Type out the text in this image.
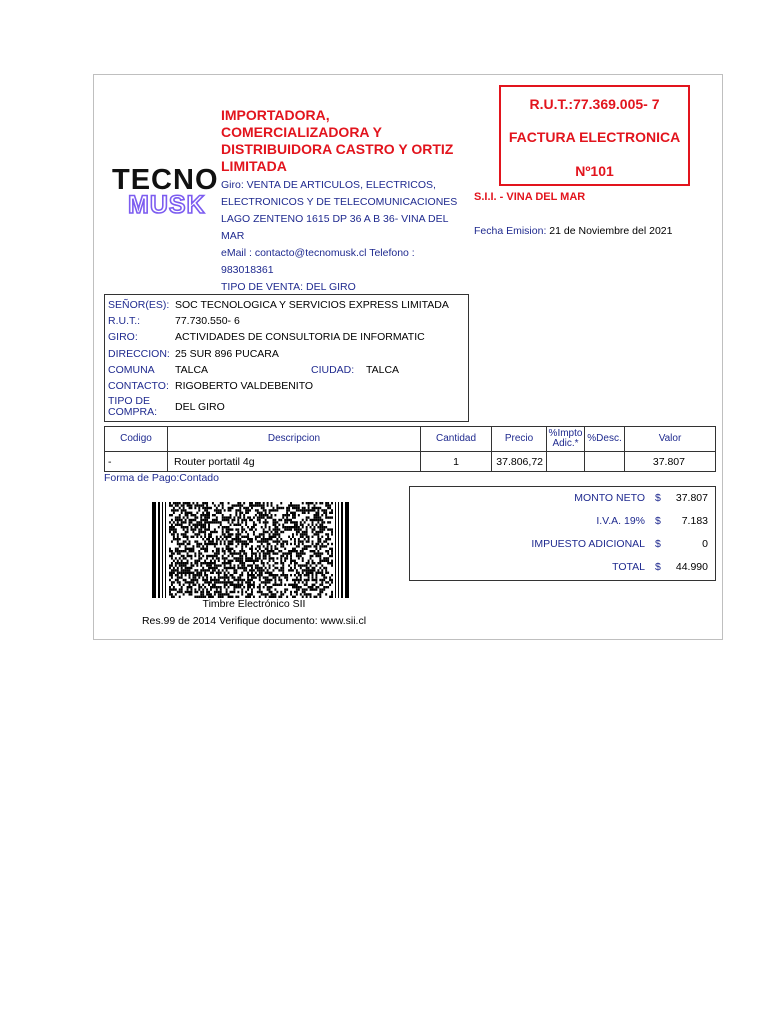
TECNO
MUSK
IMPORTADORA, COMERCIALIZADORA Y DISTRIBUIDORA CASTRO Y ORTIZ LIMITADA
Giro: VENTA DE ARTICULOS, ELECTRICOS,
ELECTRONICOS Y DE TELECOMUNICACIONES
LAGO ZENTENO 1615 DP 36 A B 36- VINA DEL
MAR
eMail : contacto@tecnomusk.cl Telefono :
983018361
TIPO DE VENTA: DEL GIRO
R.U.T.:77.369.005- 7
FACTURA ELECTRONICA
Nº101
S.I.I. - VINA DEL MAR
Fecha Emision: 21 de Noviembre del 2021
SEÑOR(ES): SOC TECNOLOGICA Y SERVICIOS EXPRESS LIMITADA
R.U.T.:	77.730.550- 6
GIRO:	ACTIVIDADES DE CONSULTORIA DE INFORMATIC
DIRECCION: 25 SUR 896 PUCARA
COMUNA TALCA	CIUDAD: TALCA
CONTACTO: RIGOBERTO VALDEBENITO
TIPO DE
COMPRA: DEL GIRO
Codigo	Descripcion	Cantidad	Precio	%Impto
Adic.*	%Desc.	Valor
-	Router portatil 4g	1	37.806,72			37.807
Forma de Pago:Contado
Timbre Electrónico SII
Res.99 de 2014 Verifique documento: www.sii.cl
MONTO NETO $ 37.807
I.V.A. 19% $ 7.183
IMPUESTO ADICIONAL $	0
TOTAL $ 44.990
